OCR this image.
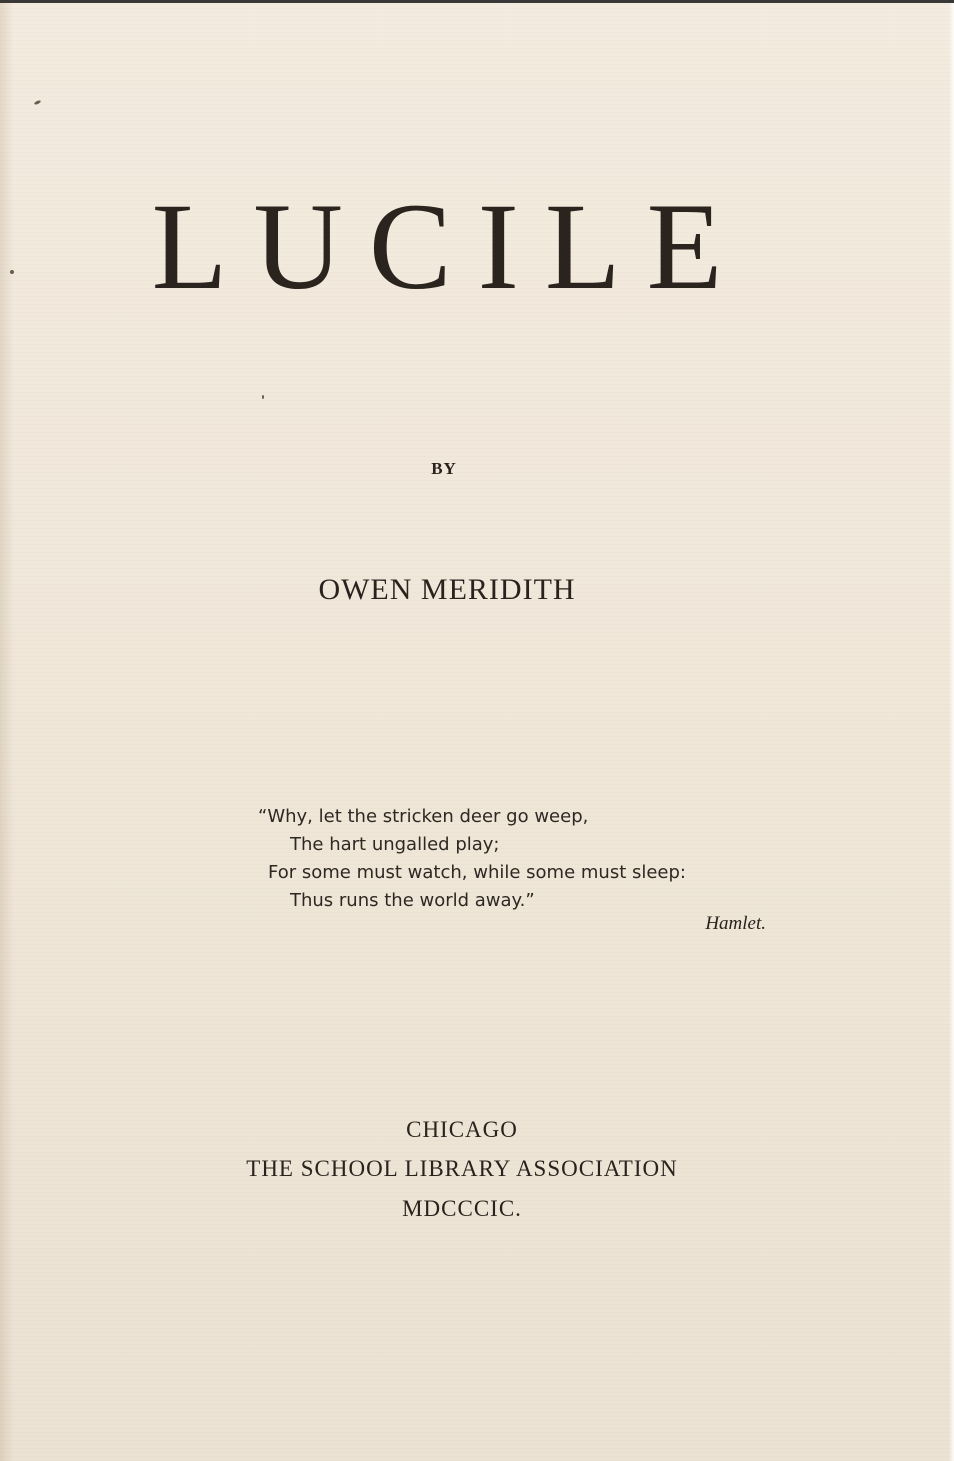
LUCILE
BY
OWEN MERIDITH
“Why, let the stricken deer go weep,
The hart ungalled play;
For some must watch, while some must sleep:
Thus runs the world away.”
Hamlet.
CHICAGO
THE SCHOOL LIBRARY ASSOCIATION
MDCCCIC.
